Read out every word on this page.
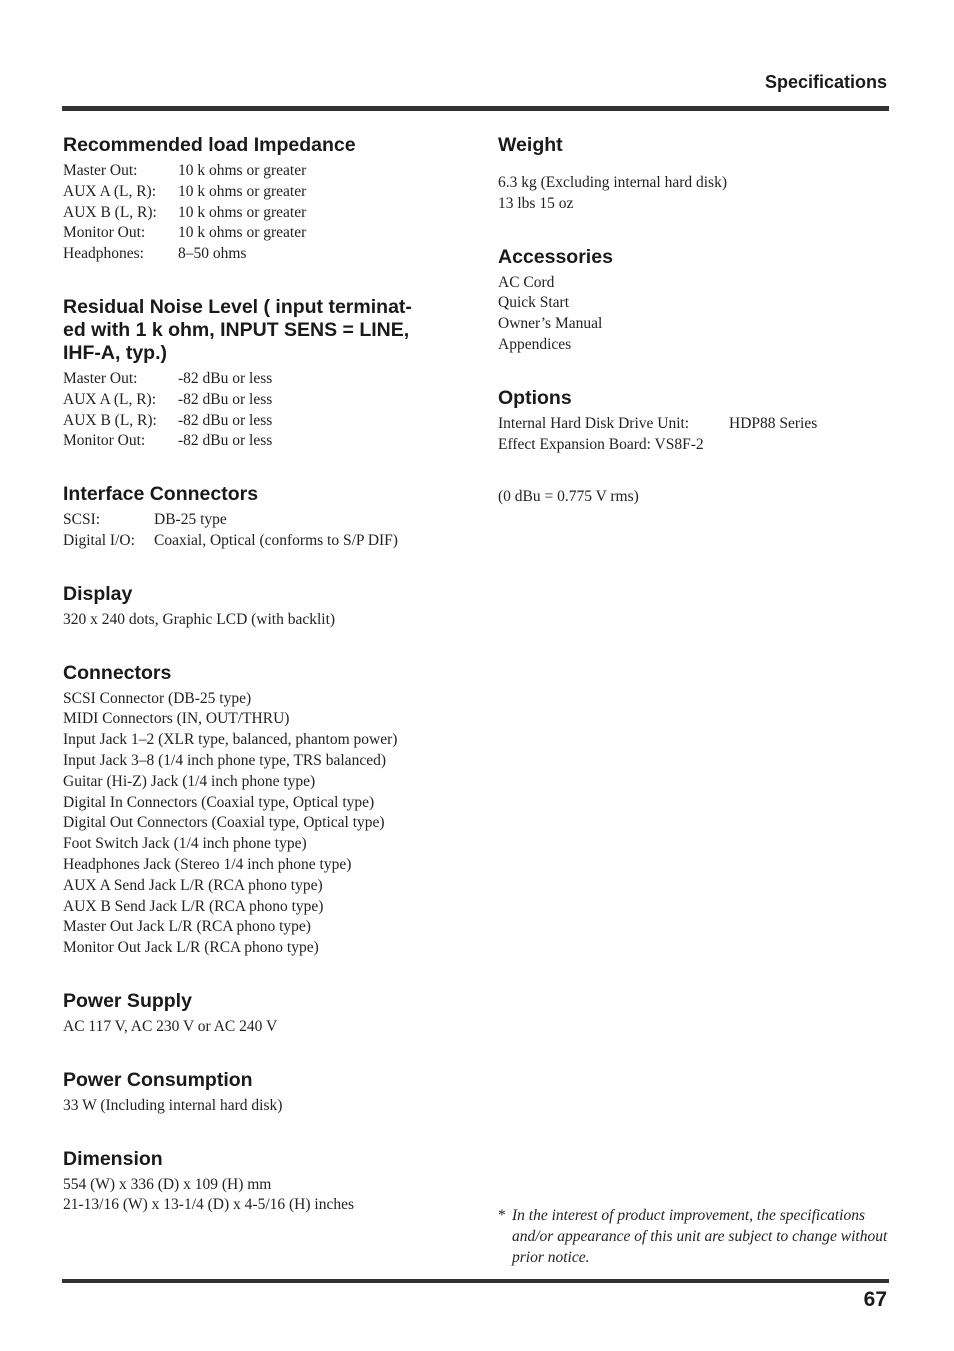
Specifications
Recommended load Impedance
Master Out:	10 k ohms or greater
AUX A (L, R):	10 k ohms or greater
AUX B (L, R):	10 k ohms or greater
Monitor Out:	10 k ohms or greater
Headphones:	8–50 ohms
Residual Noise Level ( input terminat-
ed with 1 k ohm, INPUT SENS = LINE,
IHF-A, typ.)
Master Out:	-82 dBu or less
AUX A (L, R):	-82 dBu or less
AUX B (L, R):	-82 dBu or less
Monitor Out:	-82 dBu or less
Interface Connectors
SCSI:	DB-25 type
Digital I/O:	Coaxial, Optical (conforms to S/P DIF)
Display
320 x 240 dots, Graphic LCD (with backlit)
Connectors
SCSI Connector (DB-25 type)
MIDI Connectors (IN, OUT/THRU)
Input Jack 1–2 (XLR type, balanced, phantom power)
Input Jack 3–8 (1/4 inch phone type, TRS balanced)
Guitar (Hi-Z) Jack (1/4 inch phone type)
Digital In Connectors (Coaxial type, Optical type)
Digital Out Connectors (Coaxial type, Optical type)
Foot Switch Jack (1/4 inch phone type)
Headphones Jack (Stereo 1/4 inch phone type)
AUX A Send Jack L/R (RCA phono type)
AUX B Send Jack L/R (RCA phono type)
Master Out Jack L/R (RCA phono type)
Monitor Out Jack L/R (RCA phono type)
Power Supply
AC 117 V, AC 230 V or AC 240 V
Power Consumption
33 W (Including internal hard disk)
Dimension
554 (W) x 336 (D) x 109 (H) mm
21-13/16 (W) x 13-1/4 (D) x 4-5/16 (H) inches
Weight
6.3 kg (Excluding internal hard disk)
13 lbs 15 oz
Accessories
AC Cord
Quick Start
Owner’s Manual
Appendices
Options
Internal Hard Disk Drive Unit:	HDP88 Series
Effect Expansion Board: VS8F-2
(0 dBu = 0.775 V rms)
* In the interest of product improvement, the specifications and/or appearance of this unit are subject to change without prior notice.
67
